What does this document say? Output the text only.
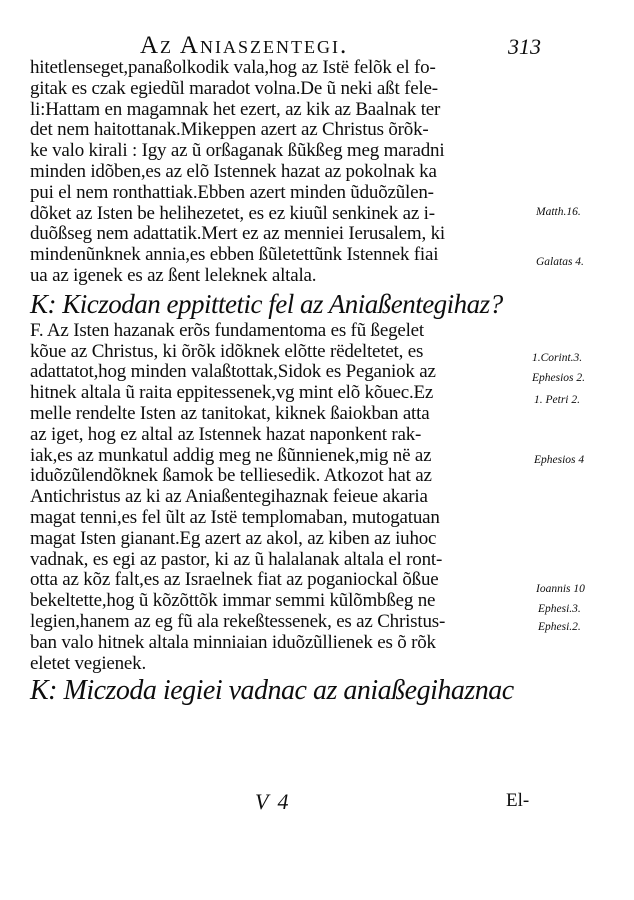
Az Aniaszentegi.	313
hitetlenseget,panaßolkodik vala,hog az Istë felõk el fo-
gitak es czak egiedũl maradot volna.De ũ neki aßt fele-
li:Hattam en magamnak het ezert, az kik az Baalnak ter
det nem haitottanak.Mikeppen azert az Christus õrõk-
ke valo kirali : Igy az ũ orßaganak ßũkßeg meg maradni
minden idõben,es az elõ Istennek hazat az pokolnak ka
pui el nem ronthattiak.Ebben azert minden ũduõzũlen-
dõket az Isten be helihezetet, es ez kiuũl senkinek az i-
duõßseg nem adattatik.Mert ez az menniei Ierusalem, ki
mindenũnknek annia,es ebben ßũletettũnk Istennek fiai
ua az igenek es az ßent leleknek altala.
K: Kiczodan eppittetic fel az Aniaßentegihaz?
F. Az Isten hazanak erõs fundamentoma es fũ ßegelet
kõue az Christus, ki õrõk idõknek elõtte rëdeltetet, es
adattatot,hog minden valaßtottak,Sidok es Peganiok az
hitnek altala ũ raita eppitessenek,vg mint elõ kõuec.Ez
melle rendelte Isten az tanitokat, kiknek ßaiokban atta
az iget, hog ez altal az Istennek hazat naponkent rak-
iak,es az munkatul addig meg ne ßũnnienek,mig në az
iduõzũlendõknek ßamok be telliesedik. Atkozot hat az
Antichristus az ki az Aniaßentegihaznak feieue akaria
magat tenni,es fel ũlt az Istë templomaban, mutogatuan
magat Isten gianant.Eg azert az akol, az kiben az iuhoc
vadnak, es egi az pastor, ki az ũ halalanak altala el ront-
otta az kõz falt,es az Israelnek fiat az poganiockal õßue
bekeltette,hog ũ kõzõttõk immar semmi kũlõmbßeg ne
legien,hanem az eg fũ ala rekeßtessenek, es az Christus-
ban valo hitnek altala minniaian iduõzũllienek es õ rõk
eletet vegienek.
K: Miczoda iegiei vadnac az aniaßegihaznac
Matth.16.
Galatas 4.
1.Corint.3.
Ephesios 2.
1. Petri 2.
Ephesios 4
Ioannis 10
Ephesi.3.
Ephesi.2.
V 4	El-
